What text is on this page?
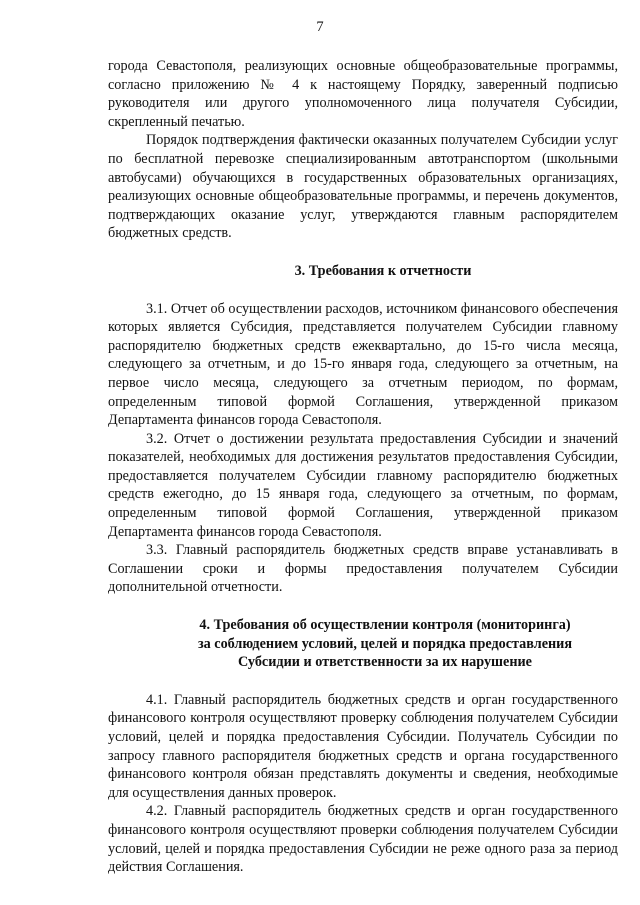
7

города Севастополя, реализующих основные общеобразовательные программы, согласно приложению № 4 к настоящему Порядку, заверенный подписью руководителя или другого уполномоченного лица получателя Субсидии, скрепленный печатью.

Порядок подтверждения фактически оказанных получателем Субсидии услуг по бесплатной перевозке специализированным автотранспортом (школьными автобусами) обучающихся в государственных образовательных организациях, реализующих основные общеобразовательные программы, и перечень документов, подтверждающих оказание услуг, утверждаются главным распорядителем бюджетных средств.

3. Требования к отчетности

3.1. Отчет об осуществлении расходов, источником финансового обеспечения которых является Субсидия, представляется получателем Субсидии главному распорядителю бюджетных средств ежеквартально, до 15-го числа месяца, следующего за отчетным, и до 15-го января года, следующего за отчетным, на первое число месяца, следующего за отчетным периодом, по формам, определенным типовой формой Соглашения, утвержденной приказом Департамента финансов города Севастополя.

3.2. Отчет о достижении результата предоставления Субсидии и значений показателей, необходимых для достижения результатов предоставления Субсидии, предоставляется получателем Субсидии главному распорядителю бюджетных средств ежегодно, до 15 января года, следующего за отчетным, по формам, определенным типовой формой Соглашения, утвержденной приказом Департамента финансов города Севастополя.

3.3. Главный распорядитель бюджетных средств вправе устанавливать в Соглашении сроки и формы предоставления получателем Субсидии дополнительной отчетности.

4. Требования об осуществлении контроля (мониторинга)
за соблюдением условий, целей и порядка предоставления
Субсидии и ответственности за их нарушение

4.1. Главный распорядитель бюджетных средств и орган государственного финансового контроля осуществляют проверку соблюдения получателем Субсидии условий, целей и порядка предоставления Субсидии. Получатель Субсидии по запросу главного распорядителя бюджетных средств и органа государственного финансового контроля обязан представлять документы и сведения, необходимые для осуществления данных проверок.

4.2. Главный распорядитель бюджетных средств и орган государственного финансового контроля осуществляют проверки соблюдения получателем Субсидии условий, целей и порядка предоставления Субсидии не реже одного раза за период действия Соглашения.
